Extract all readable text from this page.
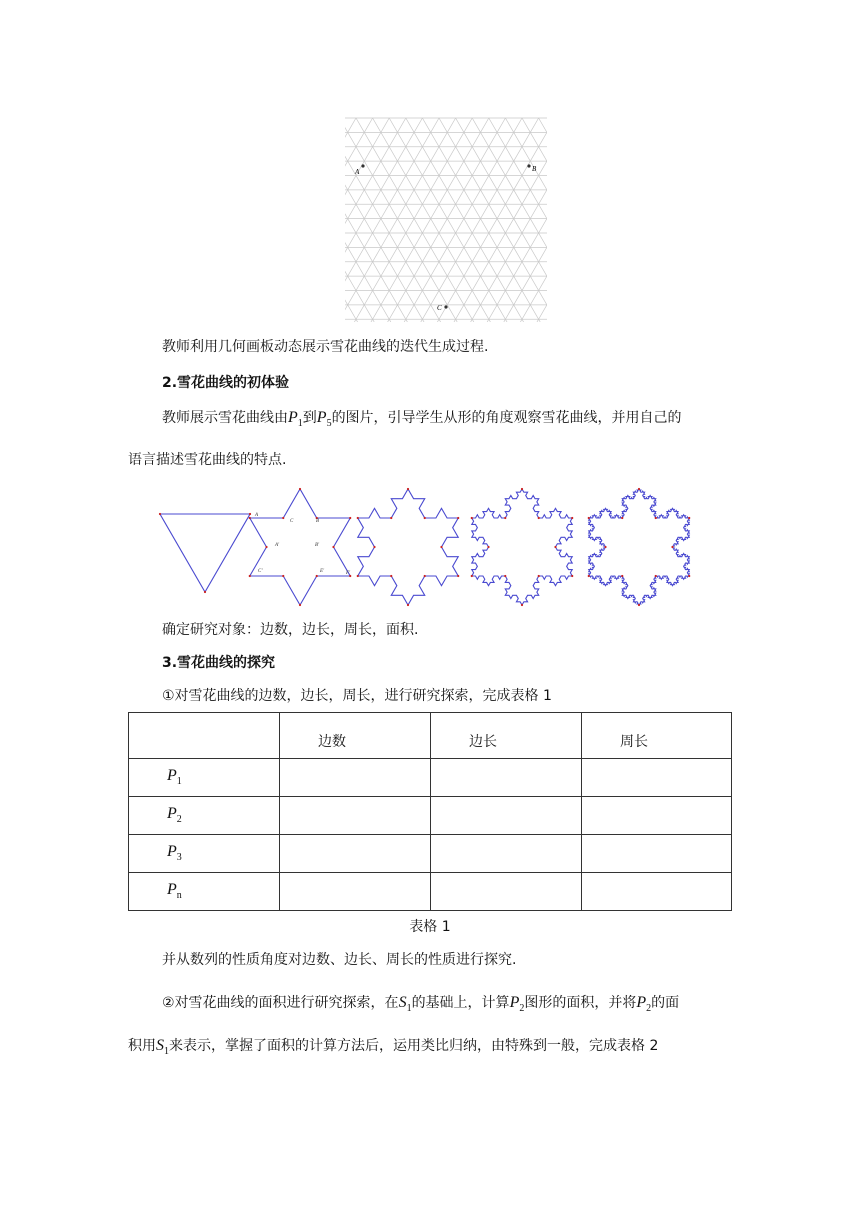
A	B
C
教师利用几何画板动态展示雪花曲线的迭代生成过程.
2.雪花曲线的初体验
教师展示雪花曲线由$P_1$到$P_5$的图片，引导学生从形的角度观察雪花曲线，并用自己的
语言描述雪花曲线的特点.
A
C	B
A'	B'
C'	E'	F'
确定研究对象：边数，边长，周长，面积.
3.雪花曲线的探究
①对雪花曲线的边数，边长，周长，进行研究探索，完成表格 1

	边数	边长	周长

$P_1$			
$P_2$			
$P_3$			
$P_n$			
表格 1
并从数列的性质角度对边数、边长、周长的性质进行探究.
②对雪花曲线的面积进行研究探索，在$S_1$的基础上，计算$P_2$图形的面积，并将$P_2$的面
积用$S_1$来表示，掌握了面积的计算方法后，运用类比归纳，由特殊到一般，完成表格 2
